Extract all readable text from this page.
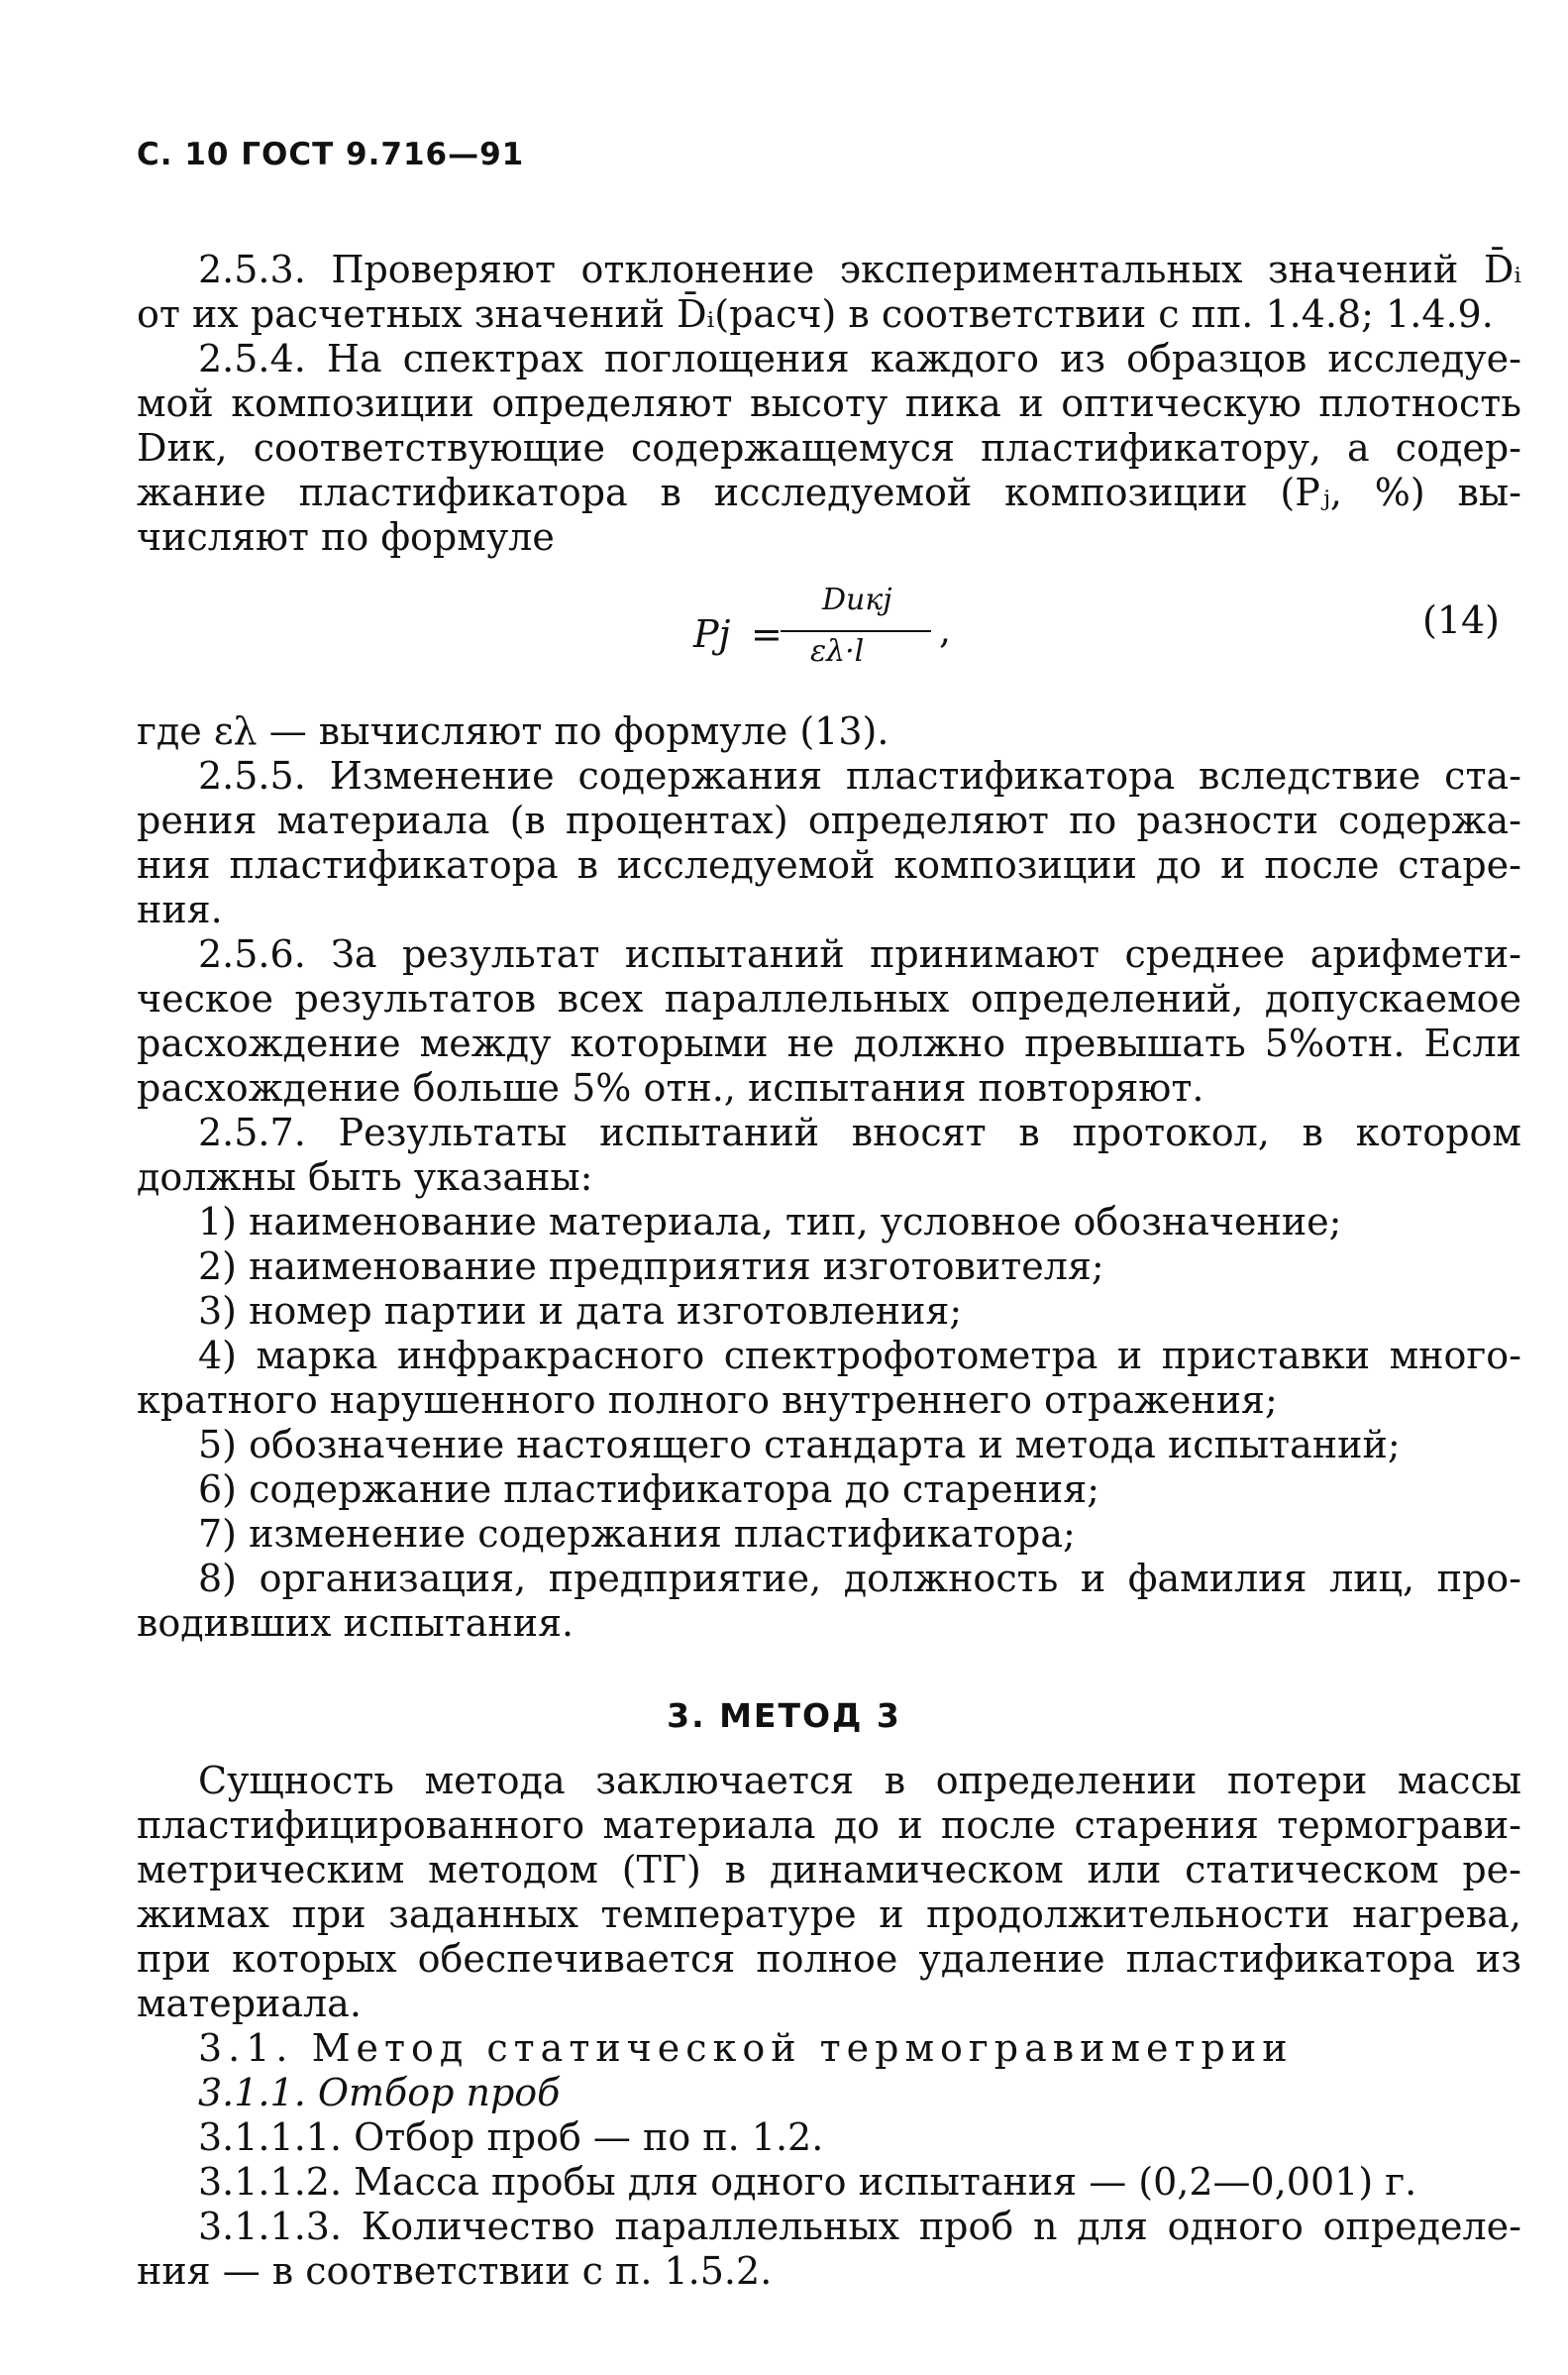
С. 10 ГОСТ 9.716—91
2.5.3. Проверяют отклонение экспериментальных значений D̄ᵢ
от их расчетных значений D̄ᵢ(расч) в соответствии с пп. 1.4.8; 1.4.9.
2.5.4. На спектрах поглощения каждого из образцов исследуе-
мой композиции определяют высоту пика и оптическую плотность
Dик, соответствующие содержащемуся пластификатору, а содер-
жание пластификатора в исследуемой композиции (Pⱼ, %) вы-
числяют по формуле
Pj =
Dикj
ελ·l ,	(14)
где ελ — вычисляют по формуле (13).
2.5.5. Изменение содержания пластификатора вследствие ста-
рения материала (в процентах) определяют по разности содержа-
ния пластификатора в исследуемой композиции до и после старе-
ния.
2.5.6. За результат испытаний принимают среднее арифмети-
ческое результатов всех параллельных определений, допускаемое
расхождение между которыми не должно превышать 5%отн. Если
расхождение больше 5% отн., испытания повторяют.
2.5.7. Результаты испытаний вносят в протокол, в котором
должны быть указаны:
1) наименование материала, тип, условное обозначение;
2) наименование предприятия изготовителя;
3) номер партии и дата изготовления;
4) марка инфракрасного спектрофотометра и приставки много-
кратного нарушенного полного внутреннего отражения;
5) обозначение настоящего стандарта и метода испытаний;
6) содержание пластификатора до старения;
7) изменение содержания пластификатора;
8) организация, предприятие, должность и фамилия лиц, про-
водивших испытания.
3. МЕТОД 3
Сущность метода заключается в определении потери массы
пластифицированного материала до и после старения термограви-
метрическим методом (ТГ) в динамическом или статическом ре-
жимах при заданных температуре и продолжительности нагрева,
при которых обеспечивается полное удаление пластификатора из
материала.
3.1. Метод статической термогравиметрии
3.1.1. Отбор проб
3.1.1.1. Отбор проб — по п. 1.2.
3.1.1.2. Масса пробы для одного испытания — (0,2—0,001) г.
3.1.1.3. Количество параллельных проб n для одного определе-
ния — в соответствии с п. 1.5.2.
